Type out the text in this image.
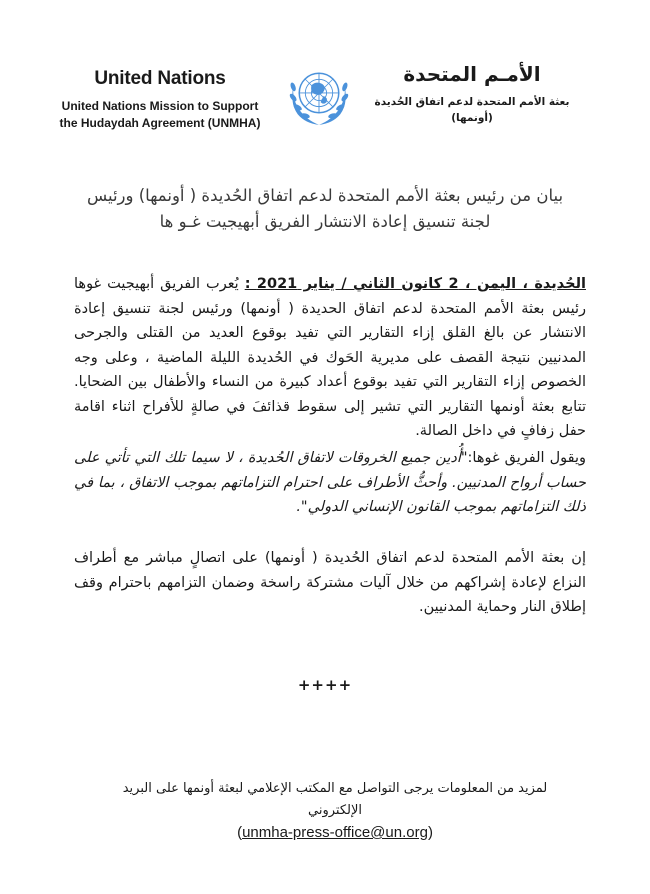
United Nations
United Nations Mission to Support
the Hudaydah Agreement (UNMHA)
الأمـم المتحدة
بعثة الأمم المتحدة لدعم اتفاق الحُديدة
(أونمها)
بيان من رئيس بعثة الأمم المتحدة لدعم اتفاق الحُديدة ( أونمها) ورئيس لجنة تنسيق إعادة الانتشار الفريق أبهيجيت غـو ها
الحُديدة ، اليمن ، 2 كانون الثاني / يناير 2021 : يُعرب الفريق أبهيجيت غوها رئيس بعثة الأمم المتحدة لدعم اتفاق الحديدة ( أونمها) ورئيس لجنة تنسيق إعادة الانتشار عن بالغ القلق إزاء التقارير التي تفيد بوقوع العديد من القتلى والجرحى المدنيين نتيجة القصف على مديرية الحَوك في الحُديدة الليلة الماضية ، وعلى وجه الخصوص إزاء التقارير التي تفيد بوقوع أعداد كبيرة من النساء والأطفال بين الضحايا. تتابع بعثة أونمها التقارير التي تشير إلى سقوط قذائفَ في صالةٍ للأفراح اثناء اقامة حفل زفافٍ في داخل الصالة.
ويقول الفريق غوها:"أُدين جميع الخروقات لاتفاق الحُديدة ، لا سيما تلك التي تأتي على حساب أرواح المدنيين. وأحثُّ الأطراف على احترام التزاماتهم بموجب الاتفاق ، بما في ذلك التزاماتهم بموجب القانون الإنساني الدولي".
إن بعثة الأمم المتحدة لدعم اتفاق الحُديدة ( أونمها) على اتصالٍ مباشر مع أطراف النزاع لإعادة إشراكهم من خلال آليات مشتركة راسخة وضمان التزامهم باحترام وقف إطلاق النار وحماية المدنيين.
++++
لمزيد من المعلومات يرجى التواصل مع المكتب الإعلامي لبعثة أونمها على البريد الإلكتروني
(unmha-press-office@un.org)
